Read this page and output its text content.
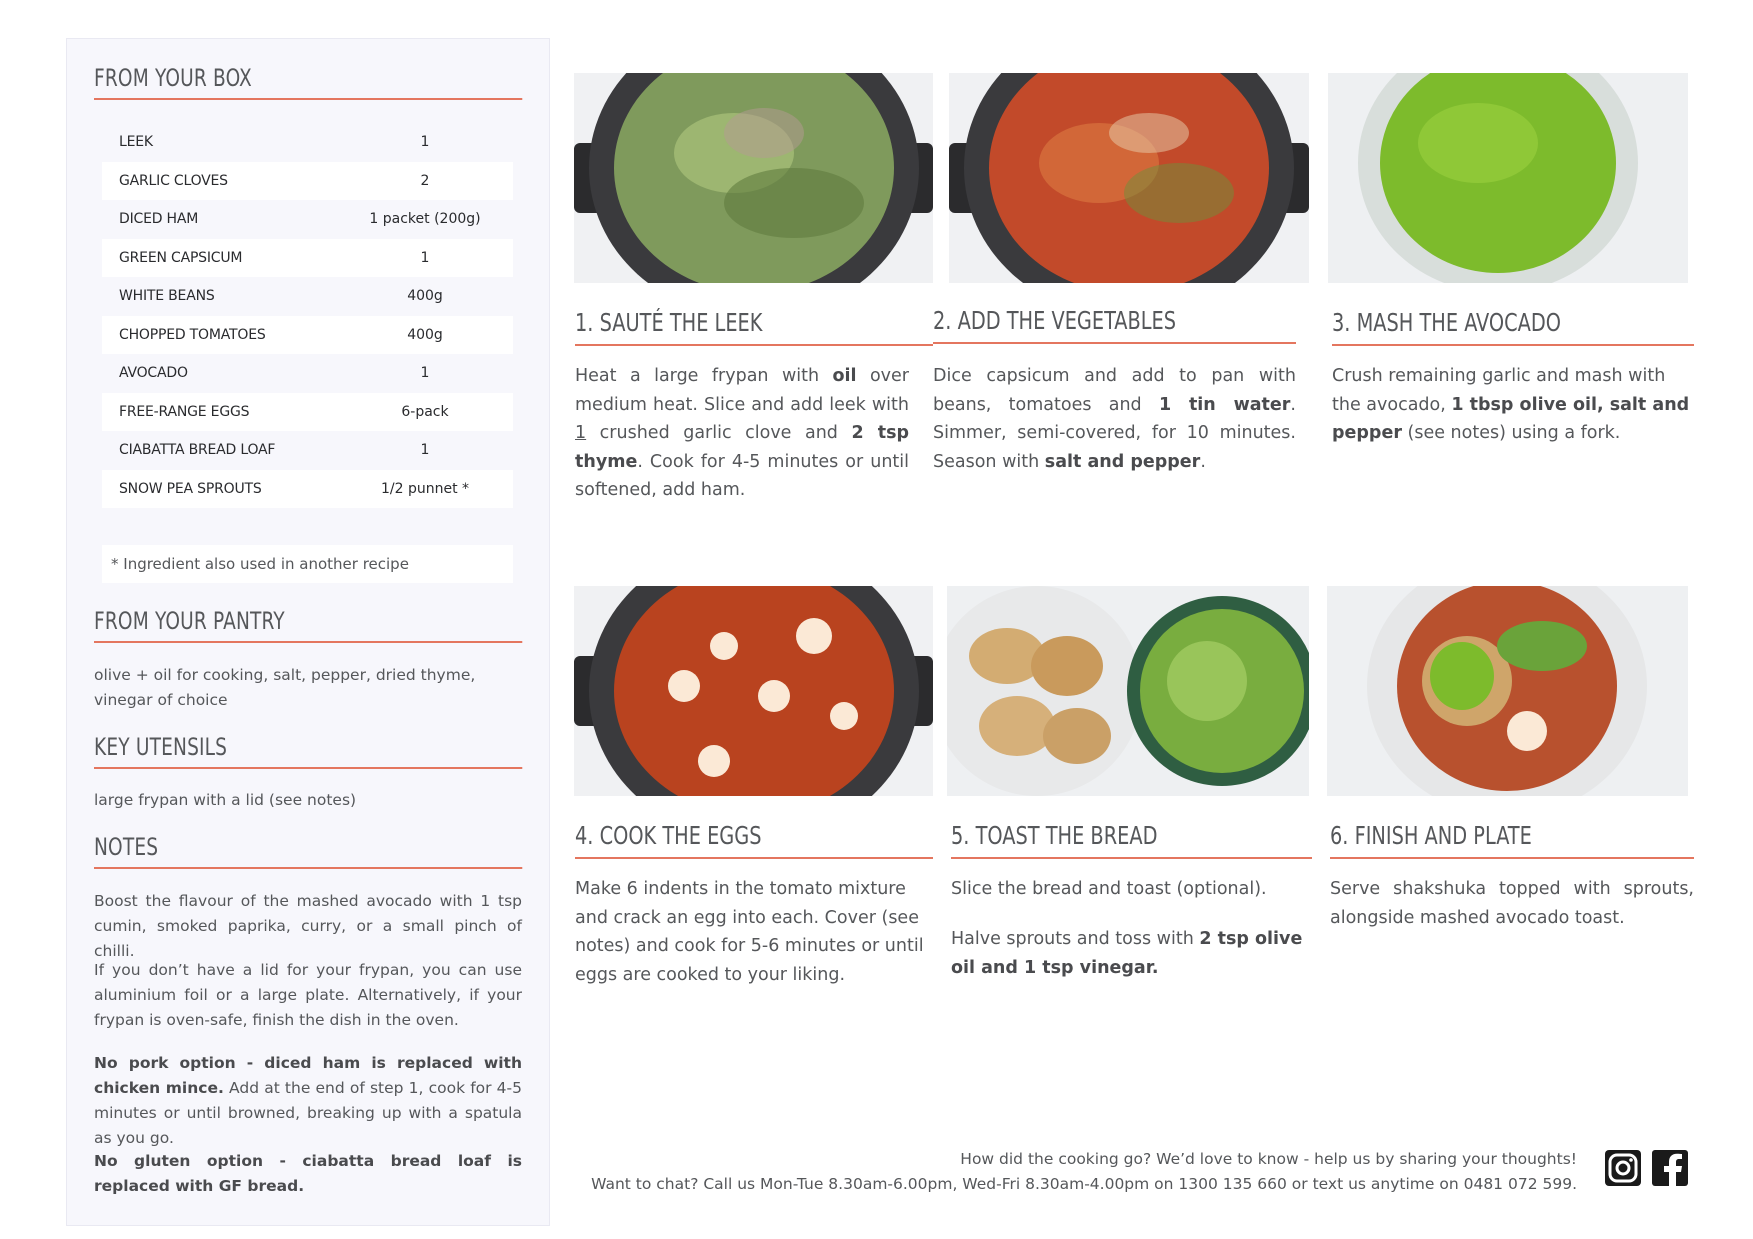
FROM YOUR BOX
LEEK	1
GARLIC CLOVES	2
DICED HAM	1 packet (200g)
GREEN CAPSICUM	1
WHITE BEANS	400g
CHOPPED TOMATOES	400g
AVOCADO	1
FREE-RANGE EGGS	6-pack
CIABATTA BREAD LOAF	1
SNOW PEA SPROUTS	1/2 punnet *
* Ingredient also used in another recipe
FROM YOUR PANTRY
olive + oil for cooking, salt, pepper, dried thyme, vinegar of choice
KEY UTENSILS
large frypan with a lid (see notes)
NOTES
Boost the flavour of the mashed avocado with 1 tsp cumin, smoked paprika, curry, or a small pinch of chilli.
If you don’t have a lid for your frypan, you can use aluminium foil or a large plate. Alternatively, if your frypan is oven-safe, finish the dish in the oven.
No pork option - diced ham is replaced with chicken mince. Add at the end of step 1, cook for 4-5 minutes or until browned, breaking up with a spatula as you go.
No gluten option - ciabatta bread loaf is replaced with GF bread.
1. SAUTÉ THE LEEK
Heat a large frypan with oil over medium heat. Slice and add leek with 1 crushed garlic clove and 2 tsp thyme. Cook for 4-5 minutes or until softened, add ham.
2. ADD THE VEGETABLES
Dice capsicum and add to pan with beans, tomatoes and 1 tin water. Simmer, semi-covered, for 10 minutes. Season with salt and pepper.
3. MASH THE AVOCADO
Crush remaining garlic and mash with the avocado, 1 tbsp olive oil, salt and pepper (see notes) using a fork.
4. COOK THE EGGS
Make 6 indents in the tomato mixture and crack an egg into each. Cover (see notes) and cook for 5-6 minutes or until eggs are cooked to your liking.
5. TOAST THE BREAD
Slice the bread and toast (optional).
Halve sprouts and toss with 2 tsp olive oil and 1 tsp vinegar.
6. FINISH AND PLATE
Serve shakshuka topped with sprouts, alongside mashed avocado toast.
How did the cooking go? We’d love to know - help us by sharing your thoughts!
Want to chat? Call us Mon-Tue 8.30am-6.00pm, Wed-Fri 8.30am-4.00pm on 1300 135 660 or text us anytime on 0481 072 599.
